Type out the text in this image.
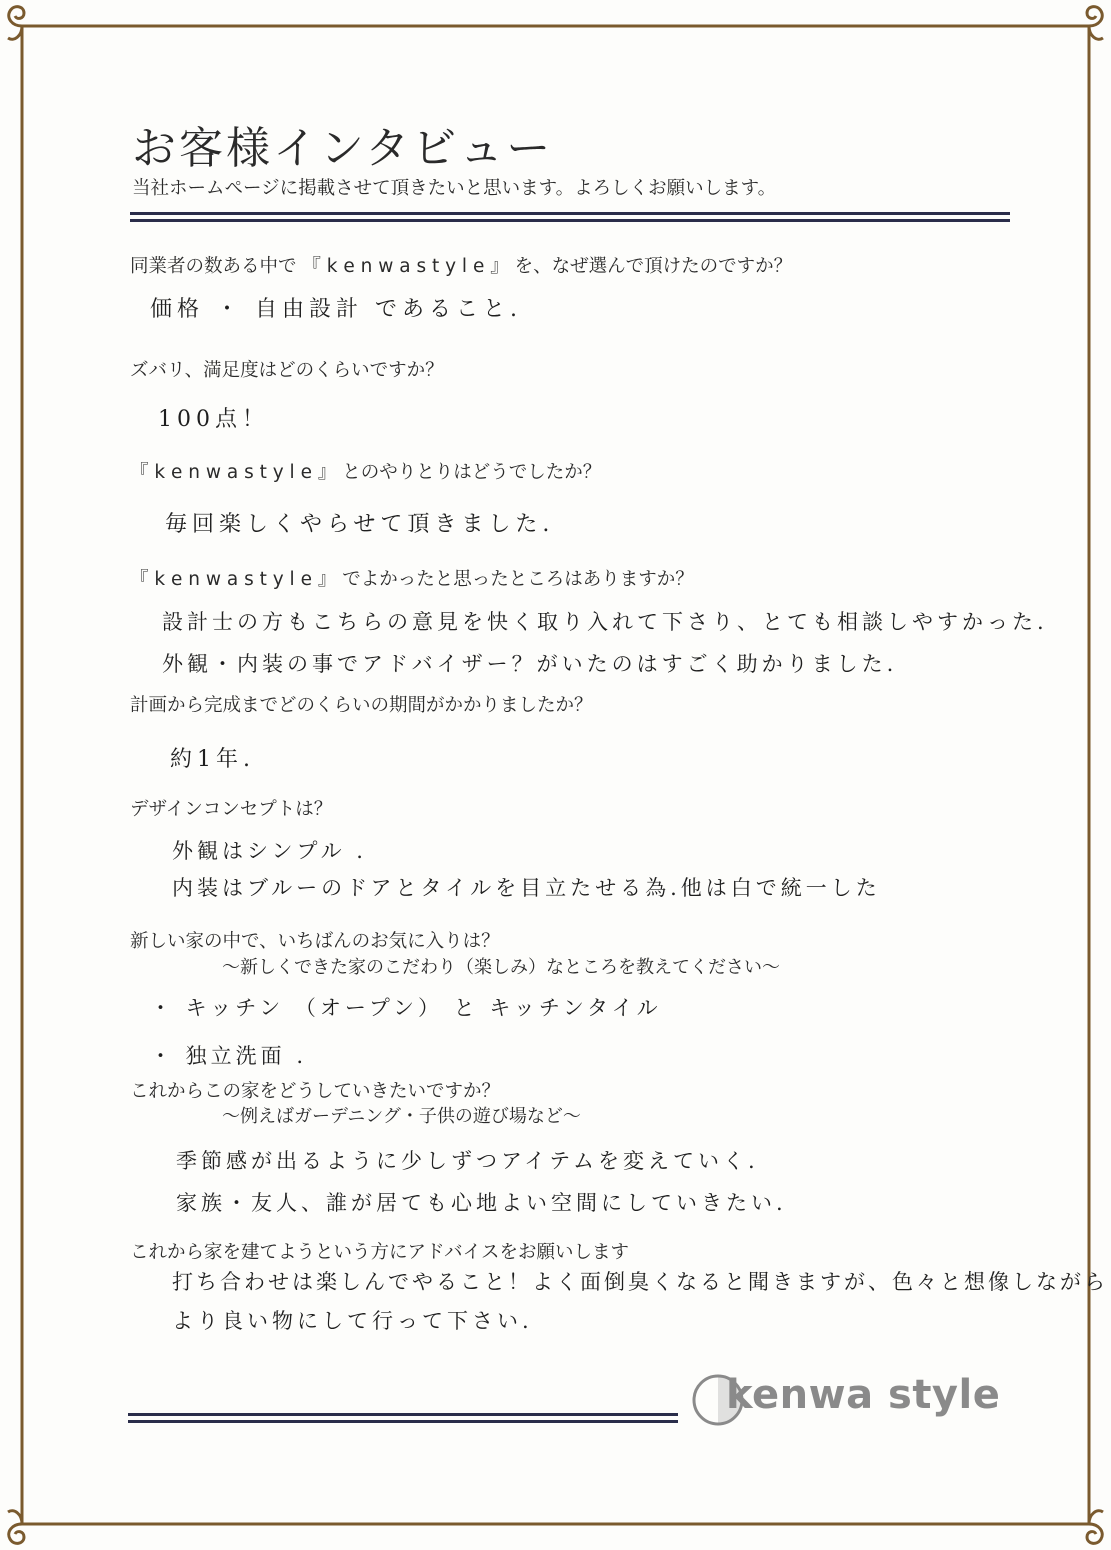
お客様インタビュー
当社ホームページに掲載させて頂きたいと思います。よろしくお願いします。
同業者の数ある中で 『 k e n w a s t y l e 』 を、なぜ選んで頂けたのですか？
価格 ・ 自由設計 であること.
ズバリ、満足度はどのくらいですか？
100点！
『 k e n w a s t y l e 』 とのやりとりはどうでしたか？
毎回楽しくやらせて頂きました.
『 k e n w a s t y l e 』 でよかったと思ったところはありますか？
設計士の方もこちらの意見を快く取り入れて下さり、とても相談しやすかった.
外観・内装の事でアドバイザー？がいたのはすごく助かりました.
計画から完成までどのくらいの期間がかかりましたか？
約1年.
デザインコンセプトは？
外観はシンプル .
内装はブルーのドアとタイルを目立たせる為.他は白で統一した
新しい家の中で、いちばんのお気に入りは？
〜新しくできた家のこだわり（楽しみ）なところを教えてください〜
・ キッチン （オープン） と キッチンタイル
・ 独立洗面 .
これからこの家をどうしていきたいですか？
〜例えばガーデニング・子供の遊び場など〜
季節感が出るように少しずつアイテムを変えていく.
家族・友人、誰が居ても心地よい空間にしていきたい.
これから家を建てようという方にアドバイスをお願いします
打ち合わせは楽しんでやること！よく面倒臭くなると聞きますが、色々と想像しながら
より良い物にして行って下さい.
kenwa style
